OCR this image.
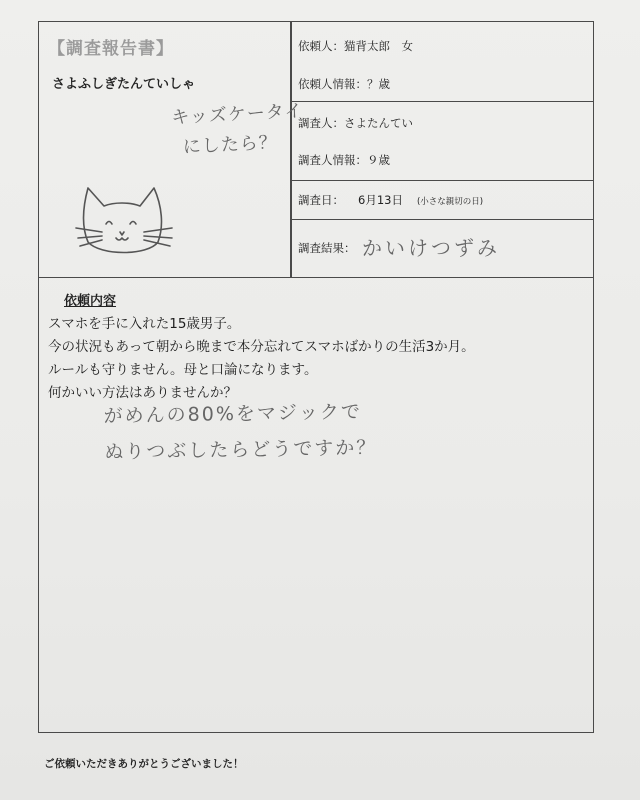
【調査報告書】
さよふしぎたんていしゃ
キッズケータイ
にしたら？
依頼人：猫背太郎　女
依頼人情報：？歳
調査人：さよたんてい
調査人情報：９歳
調査日： 6月13日 (小さな親切の日)
調査結果： かいけつずみ
依頼内容
スマホを手に入れた15歳男子。
今の状況もあって朝から晩まで本分忘れてスマホばかりの生活3か月。
ルールも守りません。母と口論になります。
何かいい方法はありませんか？
がめんの80%をマジックで
ぬりつぶしたらどうですか？
ご依頼いただきありがとうございました！
